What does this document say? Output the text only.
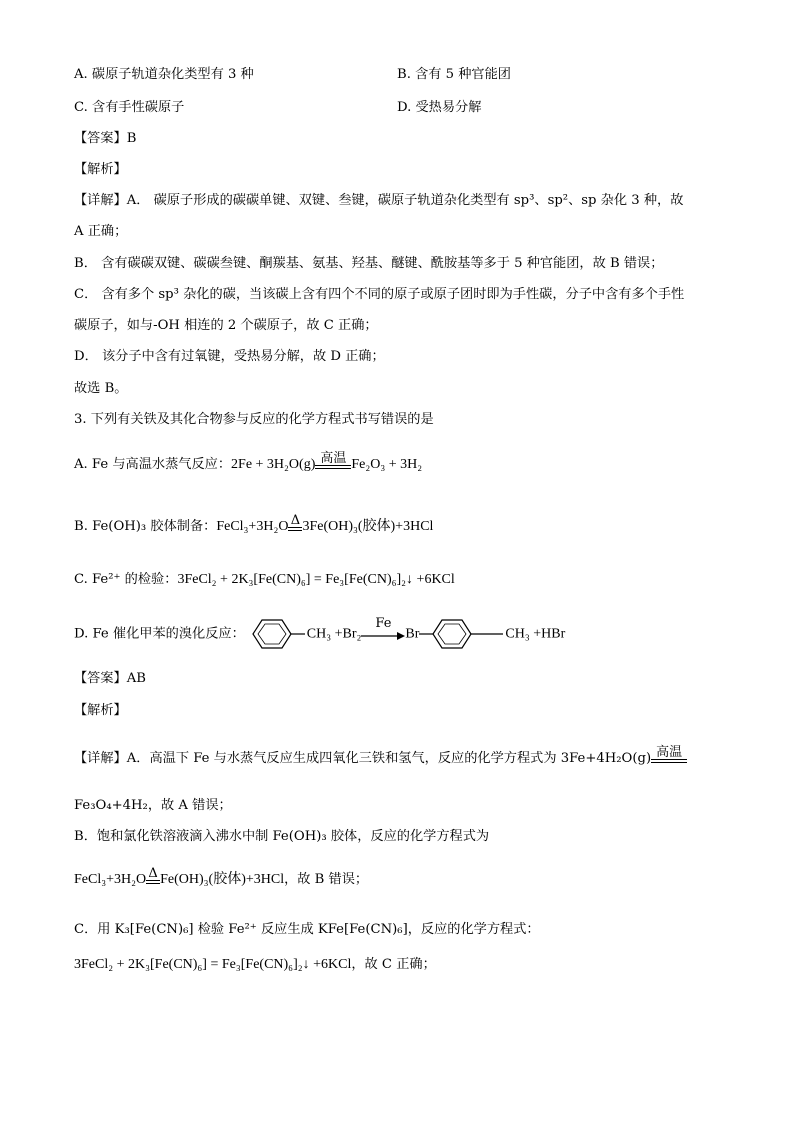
A. 碳原子轨道杂化类型有 3 种	B. 含有 5 种官能团
C. 含有手性碳原子	D. 受热易分解
【答案】B
【解析】
【详解】A． 碳原子形成的碳碳单键、双键、叁键，碳原子轨道杂化类型有 sp³、sp²、sp 杂化 3 种，故
A 正确；
B． 含有碳碳双键、碳碳叁键、酮羰基、氨基、羟基、醚键、酰胺基等多于 5 种官能团，故 B 错误；
C． 含有多个 sp³ 杂化的碳，当该碳上含有四个不同的原子或原子团时即为手性碳，分子中含有多个手性
碳原子，如与-OH 相连的 2 个碳原子，故 C 正确；
D． 该分子中含有过氧键，受热易分解，故 D 正确；
故选 B。
3. 下列有关铁及其化合物参与反应的化学方程式书写错误的是
A. Fe 与高温水蒸气反应：2Fe + 3H₂O(g) 高温 Fe₂O₃ + 3H₂
B. Fe(OH)₃ 胶体制备：FeCl₃+3H₂O Δ 3Fe(OH)₃(胶体)+3HCl
C. Fe²⁺ 的检验：3FeCl₂ + 2K₃[Fe(CN)₆] = Fe₃[Fe(CN)₆]₂↓ +6KCl
D. Fe 催化甲苯的溴化反应：	CH₃ +Br₂
Fe
Br	CH₃ +HBr
【答案】AB
【解析】
【详解】A．高温下 Fe 与水蒸气反应生成四氧化三铁和氢气，反应的化学方程式为 3Fe+4H₂O(g) 高温
Fe₃O₄+4H₂，故 A 错误；
B．饱和氯化铁溶液滴入沸水中制 Fe(OH)₃ 胶体，反应的化学方程式为
FeCl₃+3H₂O Δ Fe(OH)₃(胶体)+3HCl，故 B 错误；
C．用 K₃[Fe(CN)₆] 检验 Fe²⁺ 反应生成 KFe[Fe(CN)₆]，反应的化学方程式：
3FeCl₂ + 2K₃[Fe(CN)₆] = Fe₃[Fe(CN)₆]₂↓ +6KCl，故 C 正确；
